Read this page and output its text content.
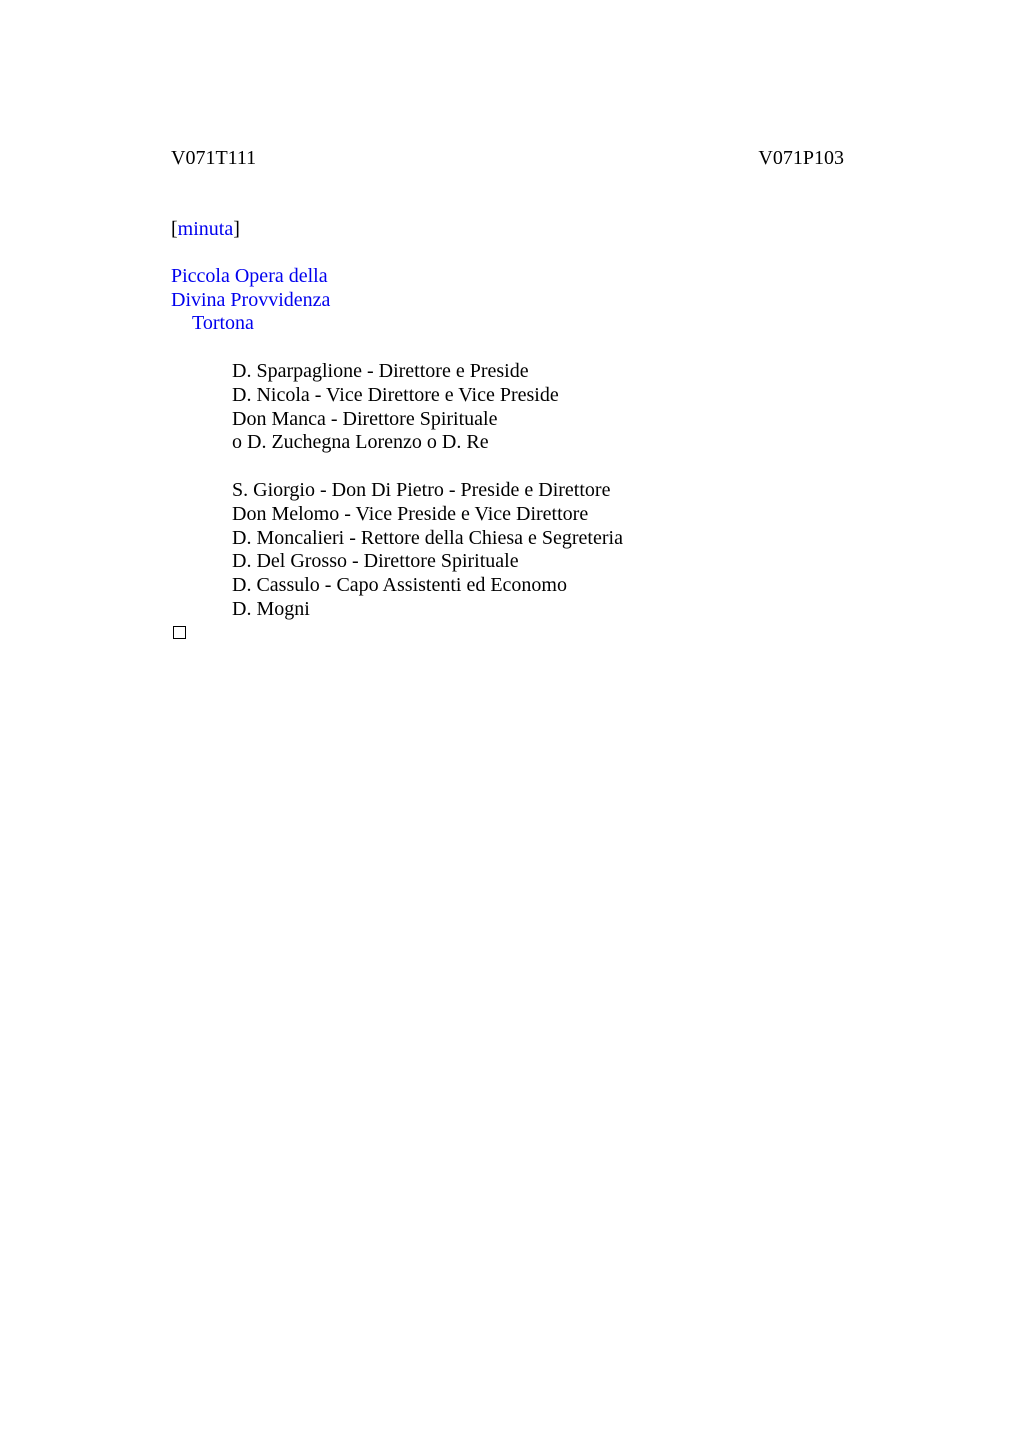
V071T111	V071P103
[minuta]
Piccola Opera della
Divina Provvidenza
Tortona
D. Sparpaglione - Direttore e Preside
D. Nicola - Vice Direttore e Vice Preside
Don Manca - Direttore Spirituale
o D. Zuchegna Lorenzo o D. Re
S. Giorgio - Don Di Pietro - Preside e Direttore
Don Melomo - Vice Preside e Vice Direttore
D. Moncalieri - Rettore della Chiesa e Segreteria
D. Del Grosso - Direttore Spirituale
D. Cassulo - Capo Assistenti ed Economo
D. Mogni
